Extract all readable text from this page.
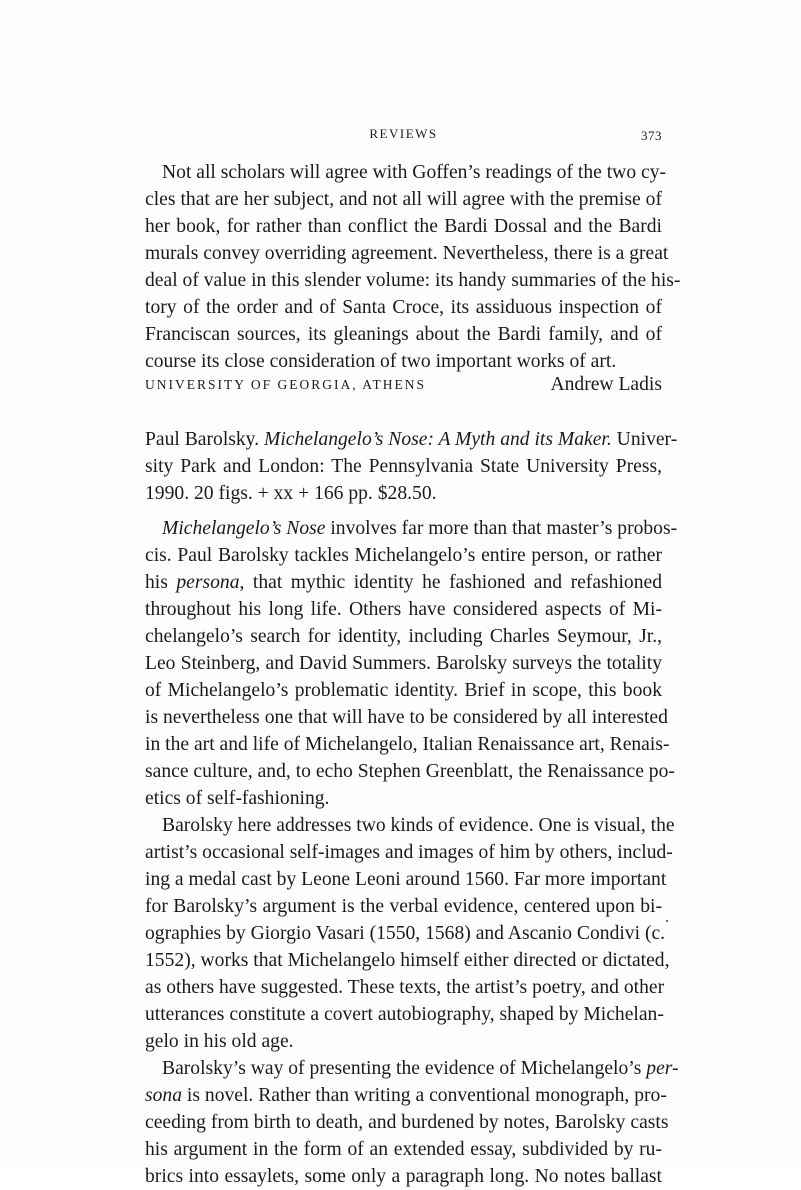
REVIEWS	373
Not all scholars will agree with Goffen’s readings of the two cy-
cles that are her subject, and not all will agree with the premise of
her book, for rather than conflict the Bardi Dossal and the Bardi
murals convey overriding agreement. Nevertheless, there is a great
deal of value in this slender volume: its handy summaries of the his-
tory of the order and of Santa Croce, its assiduous inspection of
Franciscan sources, its gleanings about the Bardi family, and of
course its close consideration of two important works of art.
UNIVERSITY OF GEORGIA, ATHENS	Andrew Ladis
Paul Barolsky. Michelangelo’s Nose: A Myth and its Maker. Univer-
sity Park and London: The Pennsylvania State University Press,
1990. 20 figs. + xx + 166 pp. $28.50.
Michelangelo’s Nose involves far more than that master’s probos-
cis. Paul Barolsky tackles Michelangelo’s entire person, or rather
his persona, that mythic identity he fashioned and refashioned
throughout his long life. Others have considered aspects of Mi-
chelangelo’s search for identity, including Charles Seymour, Jr.,
Leo Steinberg, and David Summers. Barolsky surveys the totality
of Michelangelo’s problematic identity. Brief in scope, this book
is nevertheless one that will have to be considered by all interested
in the art and life of Michelangelo, Italian Renaissance art, Renais-
sance culture, and, to echo Stephen Greenblatt, the Renaissance po-
etics of self-fashioning.
Barolsky here addresses two kinds of evidence. One is visual, the
artist’s occasional self-images and images of him by others, includ-
ing a medal cast by Leone Leoni around 1560. Far more important
for Barolsky’s argument is the verbal evidence, centered upon bi-
ographies by Giorgio Vasari (1550, 1568) and Ascanio Condivi (c.
1552), works that Michelangelo himself either directed or dictated,
as others have suggested. These texts, the artist’s poetry, and other
utterances constitute a covert autobiography, shaped by Michelan-
gelo in his old age.
Barolsky’s way of presenting the evidence of Michelangelo’s per-
sona is novel. Rather than writing a conventional monograph, pro-
ceeding from birth to death, and burdened by notes, Barolsky casts
his argument in the form of an extended essay, subdivided by ru-
brics into essaylets, some only a paragraph long. No notes ballast
